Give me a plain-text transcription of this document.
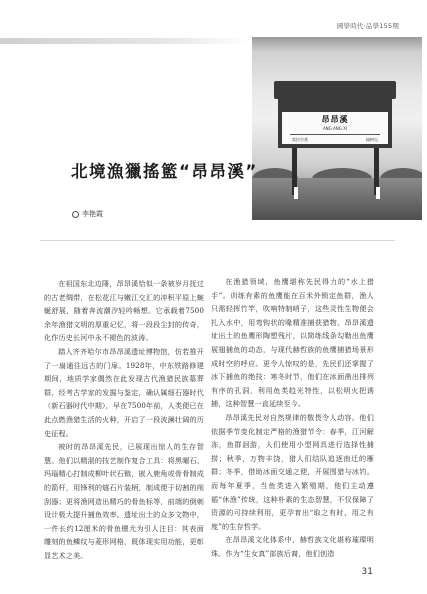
國學時代·品學155期
昂昂溪
ANG ANG XI
富拉尔基	榆树屯
北境漁獵搖籃“昂昂溪”
李艳霞

在祖国东北边陲，昂昂溪恰似一条被岁月抚过的古老绸带，在松花江与嫩江交汇的冲积平原上蜿蜒舒展，随着奔流潮汐轻吟畅想。它承载着7500余年渔猎文明的厚重记忆，将一段段尘封的传奇，化作历史长河中永不褪色的波涛。

踏入齐齐哈尔市昂昂溪遗址博物馆，仿若推开了一扇通往远古的门扉。1928年，中东铁路修建期间，地质学家偶然在此发现古代渔猎民族墓葬群，经考古学家的发掘与鉴定，确认属细石器时代（新石器时代中期），早在7500年前，人类便已在此点燃渔猎生活的火种，开启了一段波澜壮阔的历史征程。

被时的昂昂溪先民，已展现出惊人的生存智慧。他们以精湛的技艺制作复合工具：将黑曜石、玛瑙精心打制成柳叶状石镞，嵌入鹿角或骨骨制成的箭杆，用锋利的燧石片装柄，制成便于切割的削刮器；更将渔网造出精巧的骨鱼标等，前端的倒刺设计极大提升捕鱼效率。遗址出土的众多文物中，一件长约12厘米的骨鱼镖尤为引人注目：其表面雕刻的鱼鳞纹与菱形网格，既体现实用功能，更彰显艺术之美。

在渔猎领域，鱼鹰堪称先民得力的“水上猎手”。训练有素的鱼鹰能在百米外锁定鱼群，渔人只需轻挥竹竿，吹响特制哨子，这些灵性生物便会扎入水中，用弯钩状的喙精准捕获猎物。昂昂溪遗址出土的鱼鹰形陶塑残片，以简练线条勾勒出鱼鹰展翅捕鱼的动态，与现代赫哲族的鱼鹰捕猎场景形成时空的呼应。更令人惊叹的是，先民们还掌握了冰下捕鱼的绝技：寒冬时节，他们在冰面凿出排列有序的孔洞，利用鱼类趋光特性，以松明火把诱捕，这种智慧一直延续至今。

昂昂溪先民对自然规律的敬畏令人动容。他们依据季节变化制定严格的渔猎节令：春季，江河解冻，鱼群洄游，人们使用小型网具进行选择性捕捞；秋季，万物丰饶，猎人们结队追逐南迁的雁群；冬季，借助冰面交通之便，开展围猎与冰钓。而每年夏季，当鱼类进入繁殖期，他们主动遵循“休渔”传统，这种朴素的生态智慧，不仅保障了资源的可持续利用，更孕育出“取之有时、用之有度”的生存哲学。

在昂昂溪文化体系中，赫哲族文化堪称璀璨明珠。作为“生女真”部族后裔，他们创造

31
